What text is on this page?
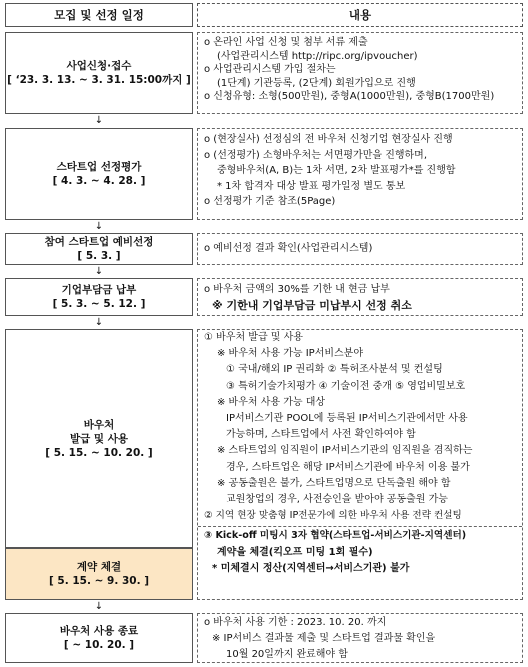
모집 및 선정 일정	내용
사업신청·접수
[ ‘23. 3. 13. ~ 3. 31. 15:00까지 ]
o 온라인 사업 신청 및 첨부 서류 제출
(사업관리시스템 http://ripc.org/ipvoucher)
o 사업관리시스템 가입 절차는
(1단계) 기관등록, (2단계) 회원가입으로 진행
o 신청유형: 소형(500만원), 중형A(1000만원), 중형B(1700만원)
↓
스타트업 선정평가
[ 4. 3. ~ 4. 28. ]
o (현장실사) 선정심의 전 바우처 신청기업 현장실사 진행
o (선정평가) 소형바우처는 서면평가만을 진행하며,
중형바우처(A, B)는 1차 서면, 2차 발표평가*를 진행함
* 1차 합격자 대상 발표 평가일정 별도 통보
o 선정평가 기준 참조(5Page)
↓
참여 스타트업 예비선정
[ 5. 3. ]
o 예비선정 결과 확인(사업관리시스템)
↓
기업부담금 납부
[ 5. 3. ~ 5. 12. ]
o 바우처 금액의 30%를 기한 내 현금 납부
※ 기한내 기업부담금 미납부시 선정 취소
↓
바우처
발급 및 사용
[ 5. 15. ~ 10. 20. ]
계약 체결
[ 5. 15. ~ 9. 30. ]
① 바우처 발급 및 사용
※ 바우처 사용 가능 IP서비스분야
① 국내/해외 IP 권리화 ② 특허조사분석 및 컨설팅
③ 특허기술가치평가 ④ 기술이전 중개 ⑤ 영업비밀보호
※ 바우처 사용 가능 대상
IP서비스기관 POOL에 등록된 IP서비스기관에서만 사용
가능하며, 스타트업에서 사전 확인하여야 함
※ 스타트업의 임직원이 IP서비스기관의 임직원을 겸직하는
경우, 스타트업은 해당 IP서비스기관에 바우처 이용 불가
※ 공동출원은 불가, 스타트업명으로 단독출원 해야 함
교원창업의 경우, 사전승인을 받아야 공동출원 가능
② 지역 현장 맞춤형 IP전문가에 의한 바우처 사용 전략 컨설팅
③ Kick-off 미팅시 3자 협약(스타트업-서비스기관-지역센터)
계약을 체결(킥오프 미팅 1회 필수)
* 미체결시 정산(지역센터→서비스기관) 불가
↓
바우처 사용 종료
[ ~ 10. 20. ]
o 바우처 사용 기한 : 2023. 10. 20. 까지
※ IP서비스 결과물 제출 및 스타트업 결과물 확인을
10월 20일까지 완료해야 함
